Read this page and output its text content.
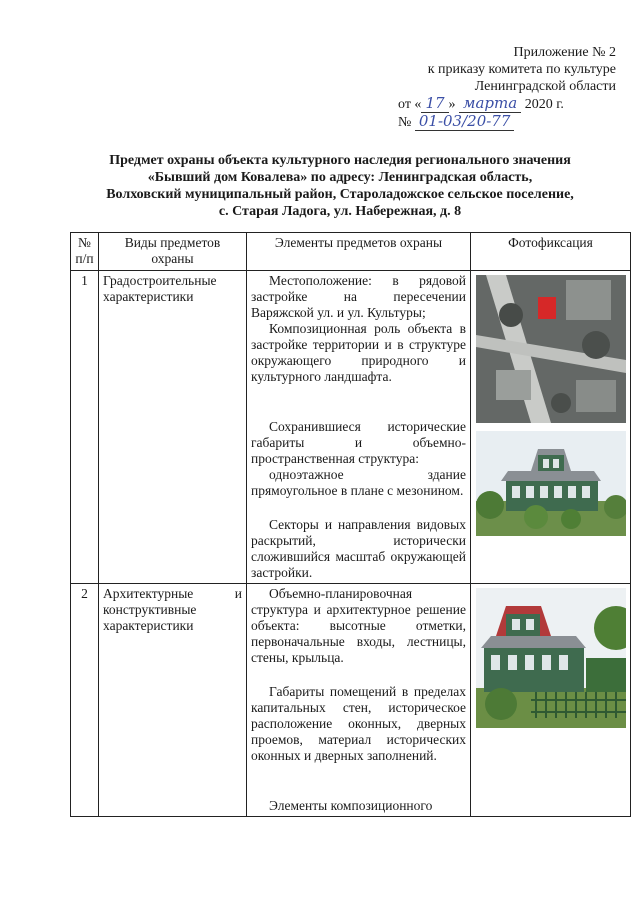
Приложение № 2
к приказу комитета по культуре
Ленинградской области
от « 17 » марта 2020 г.
№ 01-03/20-77
Предмет охраны объекта культурного наследия регионального значения
«Бывший дом Ковалева» по адресу: Ленинградская область,
Волховский муниципальный район, Староладожское сельское поселение,
с. Старая Ладога, ул. Набережная, д. 8
№ п/п	Виды предметов охраны	Элементы предметов охраны	Фотофиксация
1	Градостроительные характеристики	Местоположение: в рядовой застройке на пересечении Варяжской ул. и ул. Культуры;

Композиционная роль объекта в застройке территории и в структуре окружающего природного и культурного ландшафта.

Сохранившиеся исторические габариты и объемно-пространственная структура:

одноэтажное здание прямоугольное в плане с мезонином.

Секторы и направления видовых раскрытий, исторически сложившийся масштаб окружающей застройки.

2	Архитектурные и конструктивные характеристики	Объемно-планировочная структура и архитектурное решение объекта: высотные отметки, первоначальные входы, лестницы, стены, крыльца.

Габариты помещений в пределах капитальных стен, историческое расположение оконных, дверных проемов, материал исторических оконных и дверных заполнений.

Элементы композиционного
